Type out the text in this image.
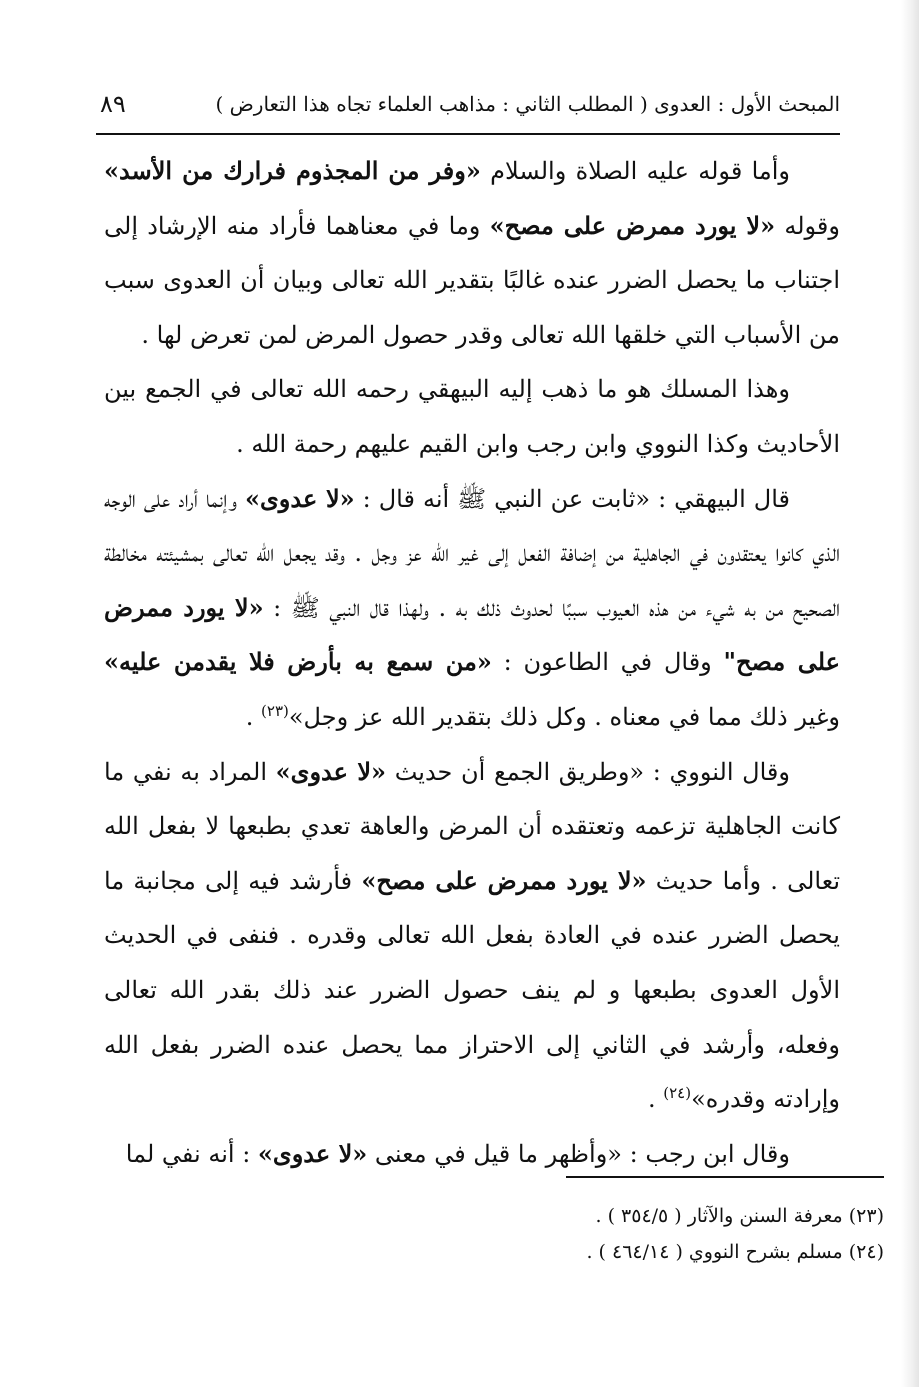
المبحث الأول : العدوى ( المطلب الثاني : مذاهب العلماء تجاه هذا التعارض )
٨٩

وأما قوله عليه الصلاة والسلام «وفر من المجذوم فرارك من الأسد» وقوله «لا يورد ممرض على مصح» وما في معناهما فأراد منه الإرشاد إلى اجتناب ما يحصل الضرر عنده غالبًا بتقدير الله تعالى وبيان أن العدوى سبب من الأسباب التي خلقها الله تعالى وقدر حصول المرض لمن تعرض لها .

وهذا المسلك هو ما ذهب إليه البيهقي رحمه الله تعالى في الجمع بين الأحاديث وكذا النووي وابن رجب وابن القيم عليهم رحمة الله .

قال البيهقي : «ثابت عن النبي ﷺ أنه قال : «لا عدوى» وإنما أراد على الوجه الذي كانوا يعتقدون في الجاهلية من إضافة الفعل إلى غير الله عز وجل . وقد يجعل الله تعالى بمشيئته مخالطة الصحيح من به شيء من هذه العيوب سببًا لحدوث ذلك به . ولهذا قال النبي ﷺ : «لا يورد ممرض على مصح" وقال في الطاعون : «من سمع به بأرض فلا يقدمن عليه» وغير ذلك مما في معناه . وكل ذلك بتقدير الله عز وجل»$^{(٢٣)}$ .

وقال النووي : «وطريق الجمع أن حديث «لا عدوى» المراد به نفي ما كانت الجاهلية تزعمه وتعتقده أن المرض والعاهة تعدي بطبعها لا بفعل الله تعالى . وأما حديث «لا يورد ممرض على مصح» فأرشد فيه إلى مجانبة ما يحصل الضرر عنده في العادة بفعل الله تعالى وقدره . فنفى في الحديث الأول العدوى بطبعها و لم ينف حصول الضرر عند ذلك بقدر الله تعالى وفعله، وأرشد في الثاني إلى الاحتراز مما يحصل عنده الضرر بفعل الله وإرادته وقدره»$^{(٢٤)}$ .

وقال ابن رجب : «وأظهر ما قيل في معنى «لا عدوى» : أنه نفي لما

(٢٣) معرفة السنن والآثار ( ٣٥٤/٥ ) .
(٢٤) مسلم بشرح النووي ( ٤٦٤/١٤ ) .
